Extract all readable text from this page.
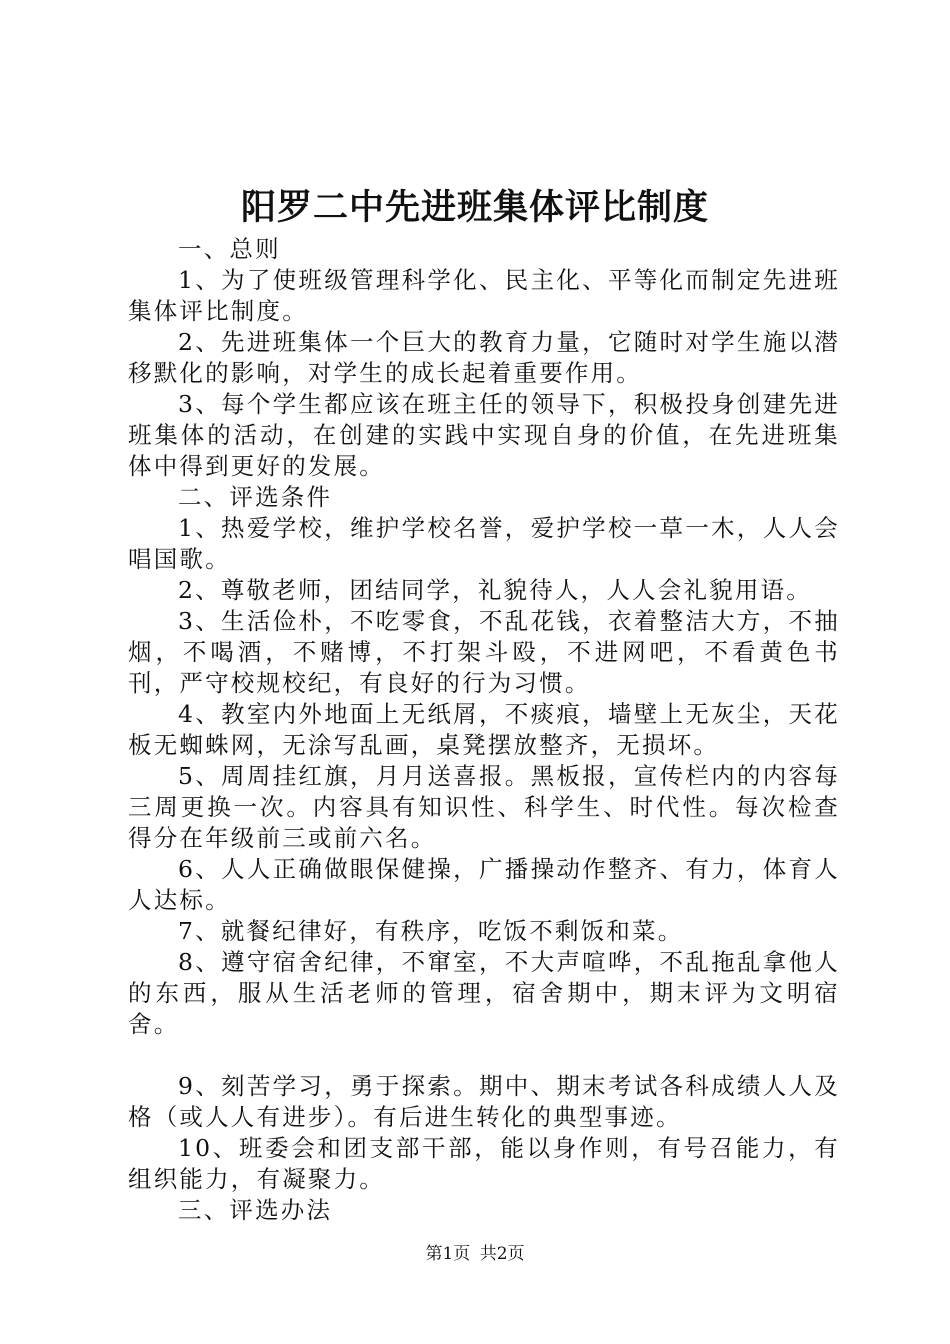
阳罗二中先进班集体评比制度

一、总则

1、为了使班级管理科学化、民主化、平等化而制定先进班集体评比制度。

2、先进班集体一个巨大的教育力量，它随时对学生施以潜移默化的影响，对学生的成长起着重要作用。

3、每个学生都应该在班主任的领导下，积极投身创建先进班集体的活动，在创建的实践中实现自身的价值，在先进班集体中得到更好的发展。

二、评选条件

1、热爱学校，维护学校名誉，爱护学校一草一木，人人会唱国歌。

2、尊敬老师，团结同学，礼貌待人，人人会礼貌用语。

3、生活俭朴，不吃零食，不乱花钱，衣着整洁大方，不抽烟，不喝酒，不赌博，不打架斗殴，不进网吧，不看黄色书刊，严守校规校纪，有良好的行为习惯。

4、教室内外地面上无纸屑，不痰痕，墙壁上无灰尘，天花板无蜘蛛网，无涂写乱画，桌凳摆放整齐，无损坏。

5、周周挂红旗，月月送喜报。黑板报，宣传栏内的内容每三周更换一次。内容具有知识性、科学生、时代性。每次检查得分在年级前三或前六名。

6、人人正确做眼保健操，广播操动作整齐、有力，体育人人达标。

7、就餐纪律好，有秩序，吃饭不剩饭和菜。

8、遵守宿舍纪律，不窜室，不大声喧哗，不乱拖乱拿他人的东西，服从生活老师的管理，宿舍期中，期末评为文明宿舍。

9、刻苦学习，勇于探索。期中、期末考试各科成绩人人及格（或人人有进步）。有后进生转化的典型事迹。

10、班委会和团支部干部，能以身作则，有号召能力，有组织能力，有凝聚力。

三、评选办法

第1页 共2页
